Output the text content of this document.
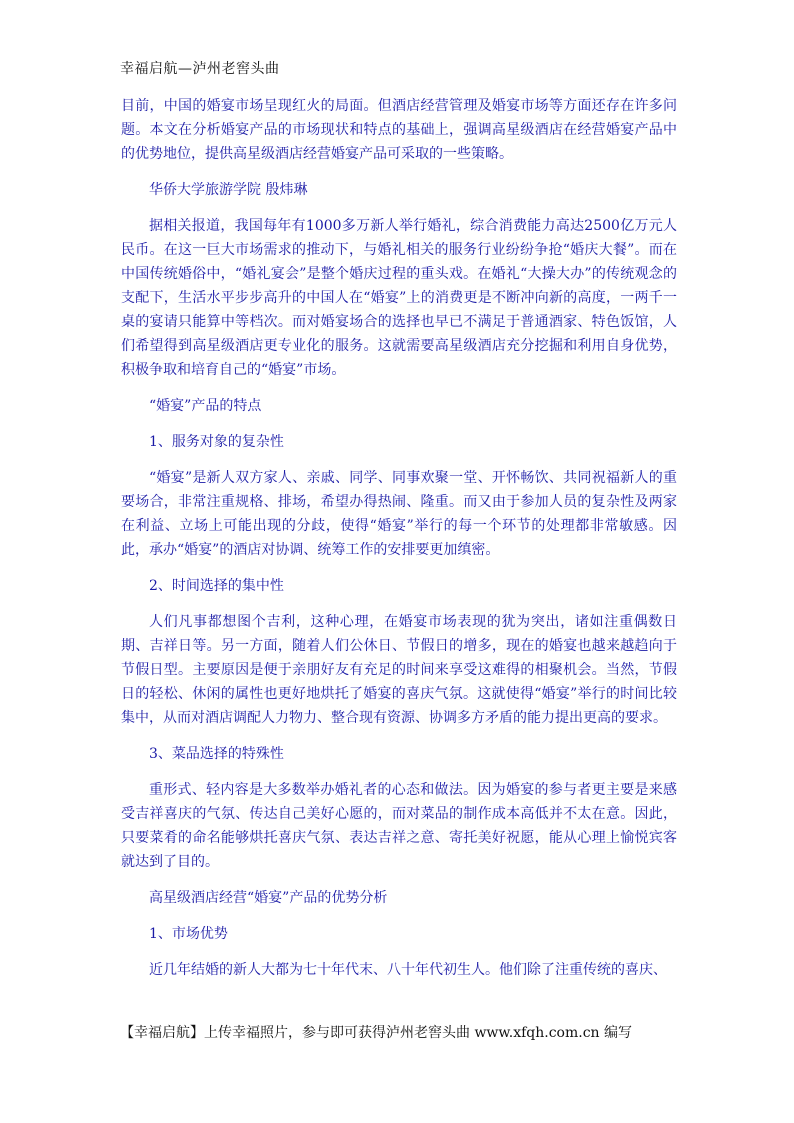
幸福启航—泸州老窖头曲

目前，中国的婚宴市场呈现红火的局面。但酒店经营管理及婚宴市场等方面还存在许多问题。本文在分析婚宴产品的市场现状和特点的基础上，强调高星级酒店在经营婚宴产品中的优势地位，提供高星级酒店经营婚宴产品可采取的一些策略。

华侨大学旅游学院 殷炜琳

据相关报道，我国每年有1000多万新人举行婚礼，综合消费能力高达2500亿万元人民币。在这一巨大市场需求的推动下，与婚礼相关的服务行业纷纷争抢“婚庆大餐”。而在中国传统婚俗中，“婚礼宴会”是整个婚庆过程的重头戏。在婚礼“大操大办”的传统观念的支配下，生活水平步步高升的中国人在“婚宴”上的消费更是不断冲向新的高度，一两千一桌的宴请只能算中等档次。而对婚宴场合的选择也早已不满足于普通酒家、特色饭馆，人们希望得到高星级酒店更专业化的服务。这就需要高星级酒店充分挖掘和利用自身优势，积极争取和培育自己的“婚宴”市场。

“婚宴”产品的特点

1、服务对象的复杂性

“婚宴”是新人双方家人、亲戚、同学、同事欢聚一堂、开怀畅饮、共同祝福新人的重要场合，非常注重规格、排场，希望办得热闹、隆重。而又由于参加人员的复杂性及两家在利益、立场上可能出现的分歧，使得“婚宴”举行的每一个环节的处理都非常敏感。因此，承办“婚宴”的酒店对协调、统筹工作的安排要更加缜密。

2、时间选择的集中性

人们凡事都想图个吉利，这种心理，在婚宴市场表现的犹为突出，诸如注重偶数日期、吉祥日等。另一方面，随着人们公休日、节假日的增多，现在的婚宴也越来越趋向于节假日型。主要原因是便于亲朋好友有充足的时间来享受这难得的相聚机会。当然，节假日的轻松、休闲的属性也更好地烘托了婚宴的喜庆气氛。这就使得“婚宴”举行的时间比较集中，从而对酒店调配人力物力、整合现有资源、协调多方矛盾的能力提出更高的要求。

3、菜品选择的特殊性

重形式、轻内容是大多数举办婚礼者的心态和做法。因为婚宴的参与者更主要是来感受吉祥喜庆的气氛、传达自己美好心愿的，而对菜品的制作成本高低并不太在意。因此，只要菜肴的命名能够烘托喜庆气氛、表达吉祥之意、寄托美好祝愿，能从心理上愉悦宾客就达到了目的。

高星级酒店经营“婚宴”产品的优势分析

1、市场优势

近几年结婚的新人大都为七十年代末、八十年代初生人。他们除了注重传统的喜庆、

【幸福启航】上传幸福照片，参与即可获得泸州老窖头曲 www.xfqh.com.cn 编写
